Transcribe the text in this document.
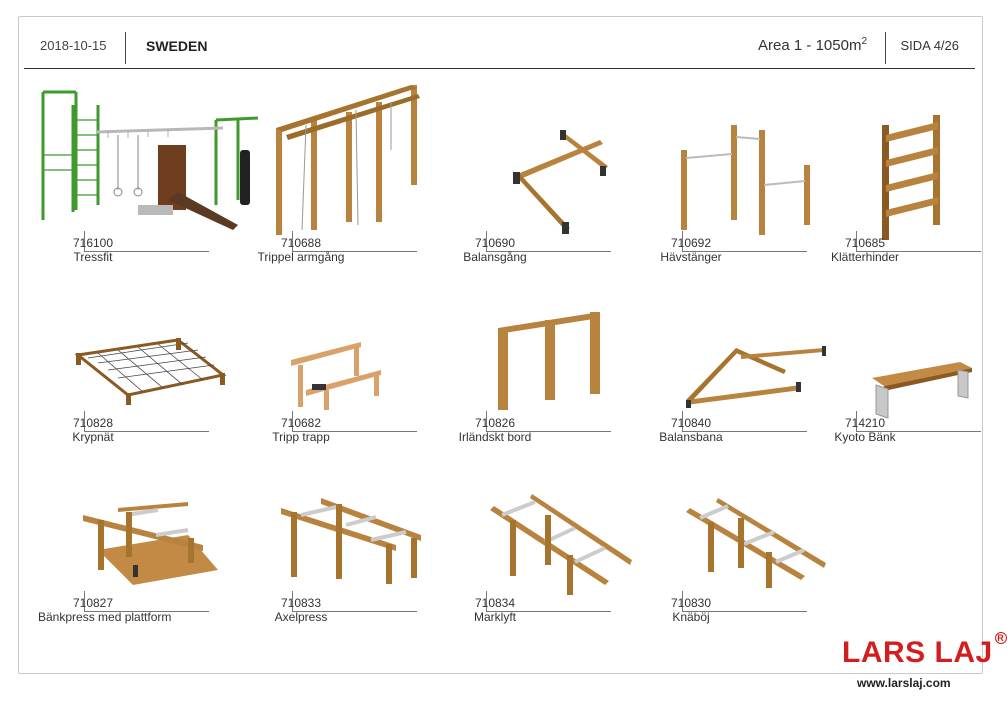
2018-10-15	SWEDEN	Area $1 - 1050m^2$	SIDA 4/26
716100
Tressfit
710688
Trippel armgång
710690
Balansgång
710692
Hävstänger
710685
Klätterhinder
710828
Krypnät
710682
Tripp trapp
710826
Irländskt bord
710840
Balansbana
714210
Kyoto Bänk
710827
Bänkpress med plattform
710833
Axelpress
710834
Marklyft
710830
Knäböj
LARS LAJ R
www.larslaj.com
